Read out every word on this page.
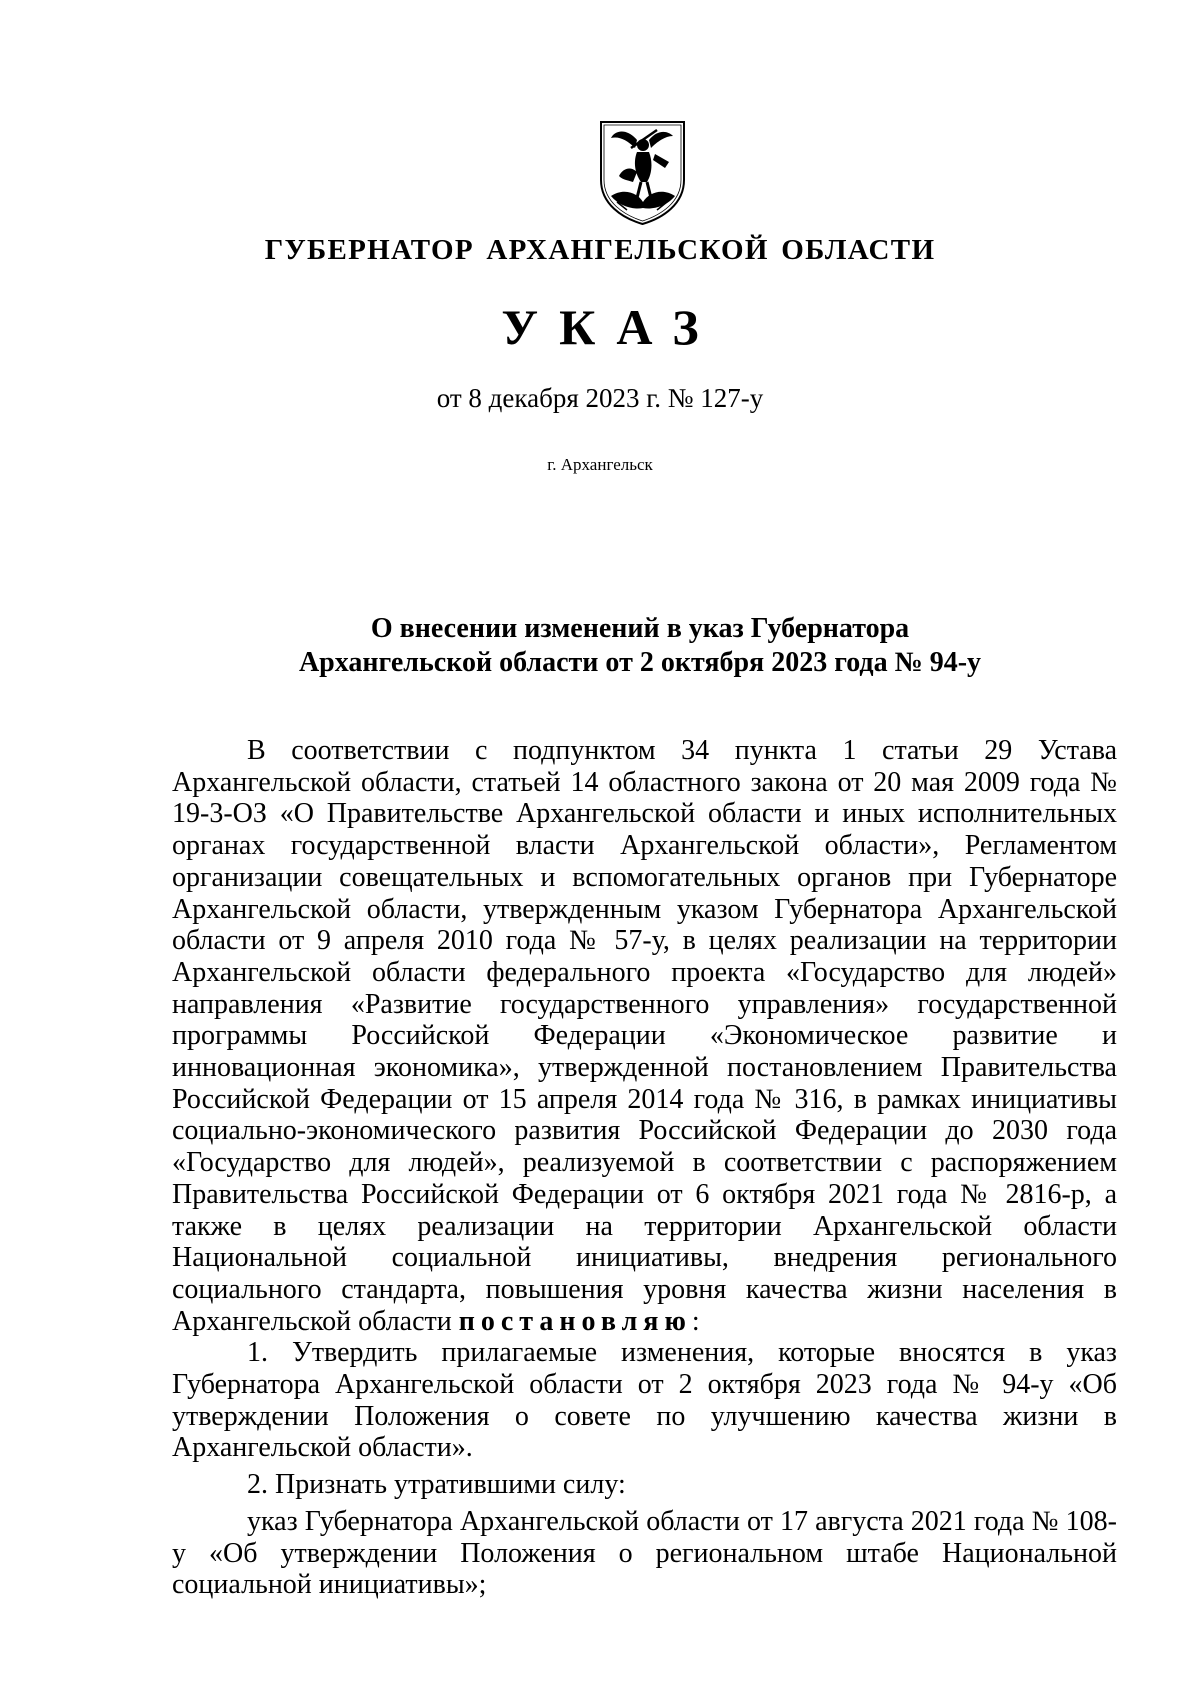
ГУБЕРНАТОР АРХАНГЕЛЬСКОЙ ОБЛАСТИ
УКАЗ
от 8 декабря 2023 г. № 127-у
г. Архангельск
О внесении изменений в указ Губернатора
Архангельской области от 2 октября 2023 года № 94-у

В соответствии с подпунктом 34 пункта 1 статьи 29 Устава Архангельской области, статьей 14 областного закона от 20 мая 2009 года № 19-3-ОЗ «О Правительстве Архангельской области и иных исполнительных органах государственной власти Архангельской области», Регламентом организации совещательных и вспомогательных органов при Губернаторе Архангельской области, утвержденным указом Губернатора Архангельской области от 9 апреля 2010 года № 57-у, в целях реализации на территории Архангельской области федерального проекта «Государство для людей» направления «Развитие государственного управления» государственной программы Российской Федерации «Экономическое развитие и инновационная экономика», утвержденной постановлением Правительства Российской Федерации от 15 апреля 2014 года № 316, в рамках инициативы социально-экономического развития Российской Федерации до 2030 года «Государство для людей», реализуемой в соответствии с распоряжением Правительства Российской Федерации от 6 октября 2021 года № 2816-р, а также в целях реализации на территории Архангельской области Национальной социальной инициативы, внедрения регионального социального стандарта, повышения уровня качества жизни населения в Архангельской области постановляю:

1. Утвердить прилагаемые изменения, которые вносятся в указ Губернатора Архангельской области от 2 октября 2023 года № 94-у «Об утверждении Положения о совете по улучшению качества жизни в Архангельской области».

2. Признать утратившими силу:

указ Губернатора Архангельской области от 17 августа 2021 года № 108-у «Об утверждении Положения о региональном штабе Национальной социальной инициативы»;
